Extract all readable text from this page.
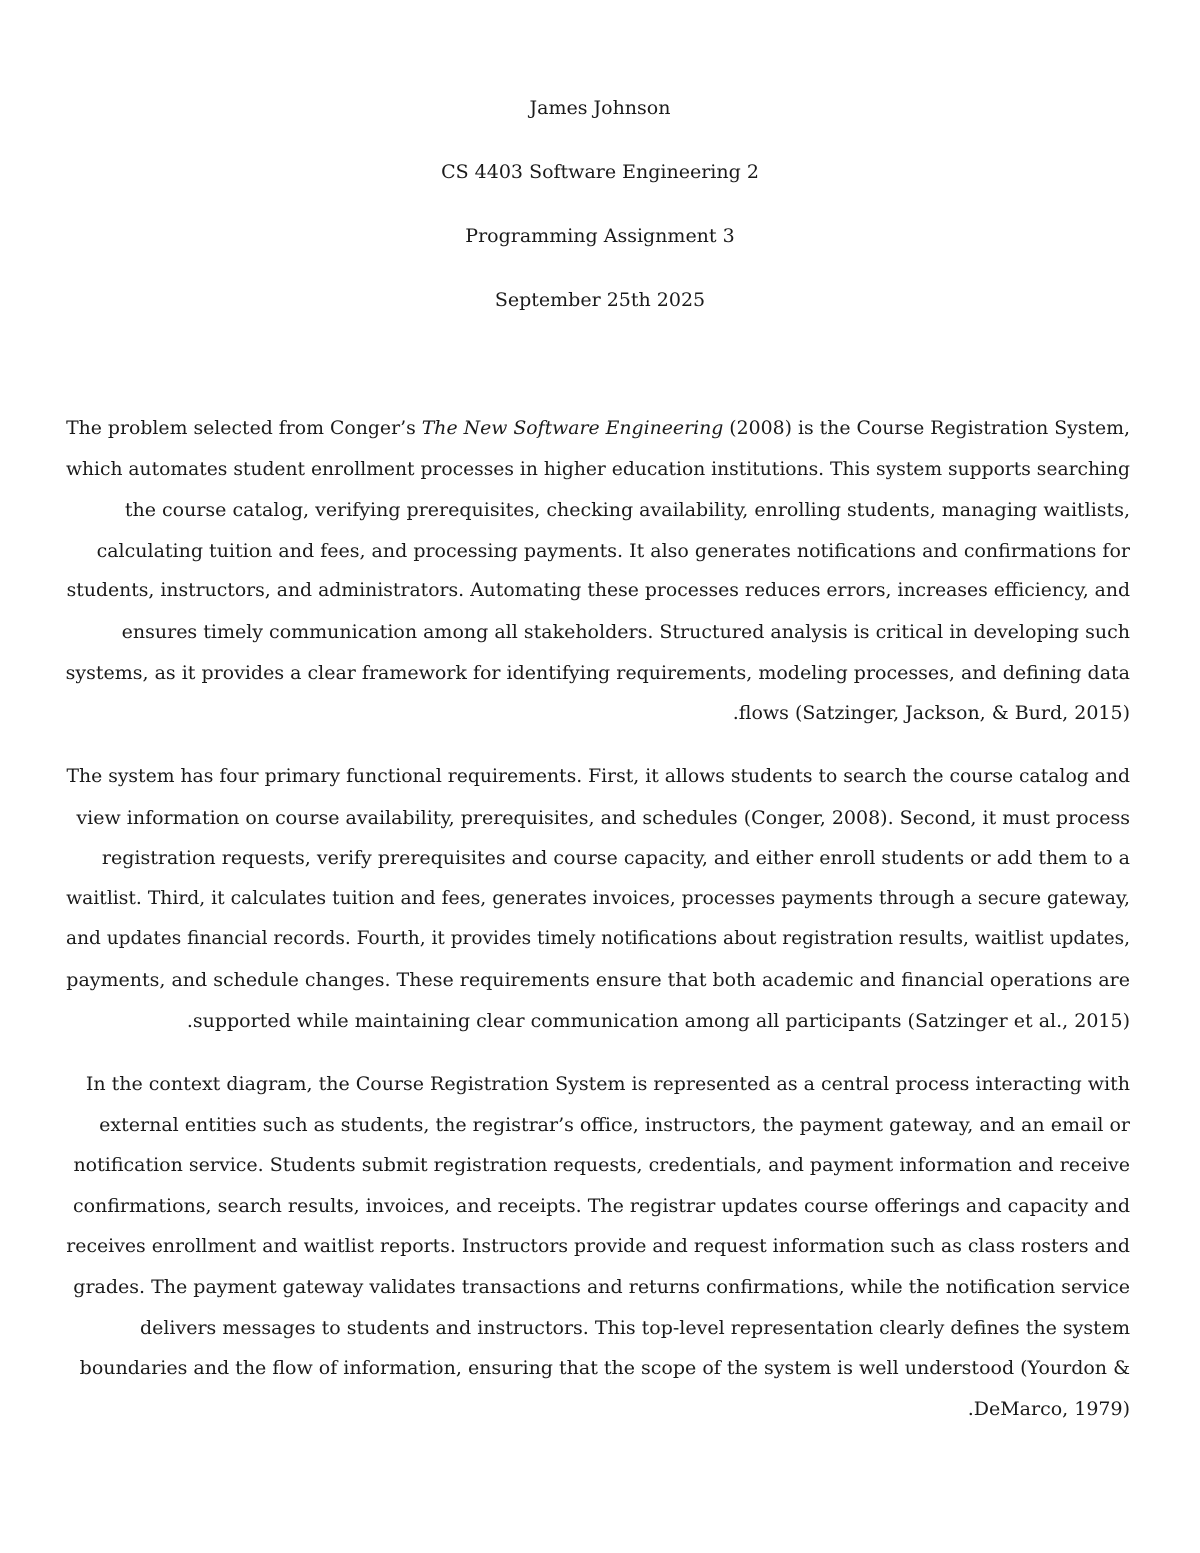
James Johnson
CS 4403 Software Engineering 2
Programming Assignment 3
September 25th 2025
The problem selected from Conger’s The New Software Engineering (2008) is the Course Registration System,
which automates student enrollment processes in higher education institutions. This system supports searching
the course catalog, verifying prerequisites, checking availability, enrolling students, managing waitlists,
calculating tuition and fees, and processing payments. It also generates notifications and confirmations for
students, instructors, and administrators. Automating these processes reduces errors, increases efficiency, and
ensures timely communication among all stakeholders. Structured analysis is critical in developing such
systems, as it provides a clear framework for identifying requirements, modeling processes, and defining data
.flows (Satzinger, Jackson, & Burd, 2015)
The system has four primary functional requirements. First, it allows students to search the course catalog and
view information on course availability, prerequisites, and schedules (Conger, 2008). Second, it must process
registration requests, verify prerequisites and course capacity, and either enroll students or add them to a
waitlist. Third, it calculates tuition and fees, generates invoices, processes payments through a secure gateway,
and updates financial records. Fourth, it provides timely notifications about registration results, waitlist updates,
payments, and schedule changes. These requirements ensure that both academic and financial operations are
.supported while maintaining clear communication among all participants (Satzinger et al., 2015)
In the context diagram, the Course Registration System is represented as a central process interacting with
external entities such as students, the registrar’s office, instructors, the payment gateway, and an email or
notification service. Students submit registration requests, credentials, and payment information and receive
confirmations, search results, invoices, and receipts. The registrar updates course offerings and capacity and
receives enrollment and waitlist reports. Instructors provide and request information such as class rosters and
grades. The payment gateway validates transactions and returns confirmations, while the notification service
delivers messages to students and instructors. This top-level representation clearly defines the system
boundaries and the flow of information, ensuring that the scope of the system is well understood (Yourdon &
.DeMarco, 1979)
